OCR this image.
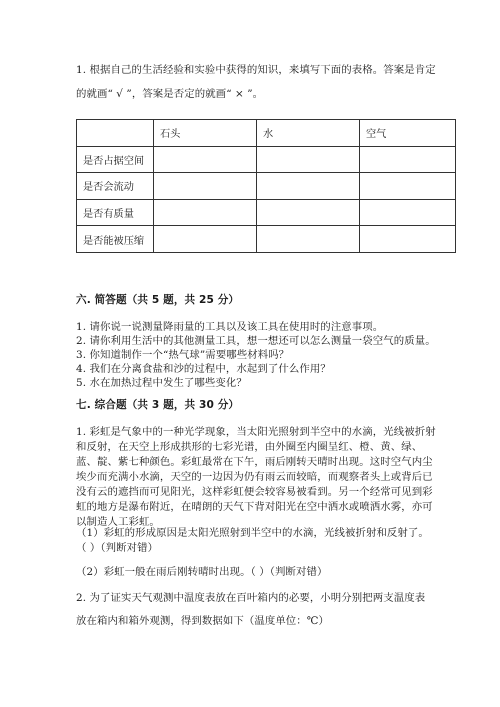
1. 根据自己的生活经验和实验中获得的知识，来填写下面的表格。答案是肯定
的就画“ √ ”，答案是否定的就画“ × ”。
	石头	水	空气
是否占据空间			
是否会流动			
是否有质量			
是否能被压缩			
六. 简答题（共 5 题，共 25 分）
1. 请你说一说测量降雨量的工具以及该工具在使用时的注意事项。
2. 请你利用生活中的其他测量工具，想一想还可以怎么测量一袋空气的质量。
3. 你知道制作一个“热气球”需要哪些材料吗？
4. 我们在分离食盐和沙的过程中，水起到了什么作用？
5. 水在加热过程中发生了哪些变化？
七. 综合题（共 3 题，共 30 分）
1. 彩虹是气象中的一种光学现象，当太阳光照射到半空中的水滴，光线被折射
和反射，在天空上形成拱形的七彩光谱，由外圈至内圈呈红、橙、黄、绿、
蓝、靛、紫七种颜色。彩虹最常在下午，雨后刚转天晴时出现。这时空气内尘
埃少而充满小水滴，天空的一边因为仍有雨云而较暗，而观察者头上或背后已
没有云的遮挡而可见阳光，这样彩虹便会较容易被看到。另一个经常可见到彩
虹的地方是瀑布附近，在晴朗的天气下背对阳光在空中洒水或喷洒水雾，亦可
以制造人工彩虹。
（1）彩虹的形成原因是太阳光照射到半空中的水滴，光线被折射和反射了。
（ ）（判断对错）
（2）彩虹一般在雨后刚转晴时出现。（ ）（判断对错）
2. 为了证实天气观测中温度表放在百叶箱内的必要，小明分别把两支温度表
放在箱内和箱外观测，得到数据如下（温度单位：℃）
